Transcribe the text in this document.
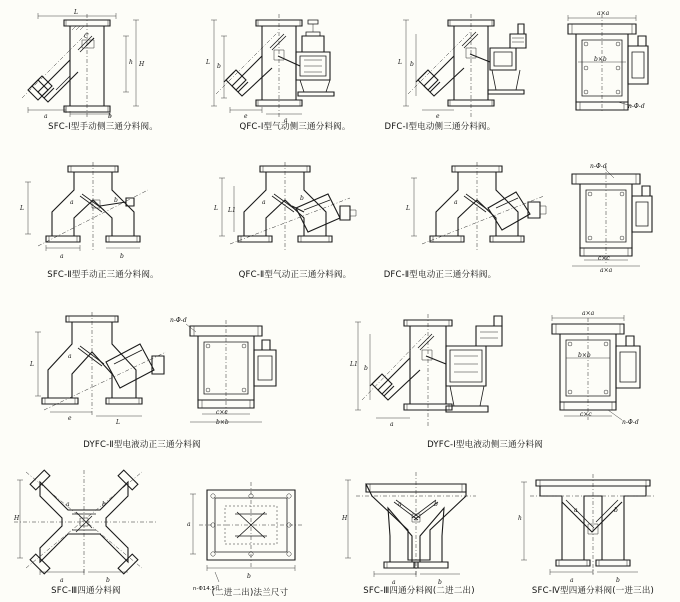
L
H
h
C
a	b
SFC-Ⅰ型手动侧三通分料阀。
L
b
e
a
QFC-Ⅰ型气动侧三通分料阀。
L b
e
a×a
b×b
n-Φ-d
DFC-Ⅰ型电动侧三通分料阀。
L
a	b
a	b
SFC-Ⅱ型手动正三通分料阀。
L L1
a
b
QFC-Ⅱ型气动正三通分料阀。
L
a
n-Φ-d
c×c
a×a
DFC-Ⅱ型电动正三通分料阀。
L
a
e
L
n-Φ-d
c×c
b×b
DYFC-Ⅱ型电液动正三通分料阀
L1
b
a
a×a
b×b
c×c
n-Φ-d
DYFC-Ⅰ型电液动侧三通分料阀
H
a	b
a	b
SFC-Ⅲ四通分料阀
a
b
n-Φ14.5孔
(二进二出)法兰尺寸
H
a	b
a	b
SFC-Ⅲ四通分料阀(二进二出)
h
a	b
a	b
SFC-Ⅳ型四通分料阀(一进三出)
